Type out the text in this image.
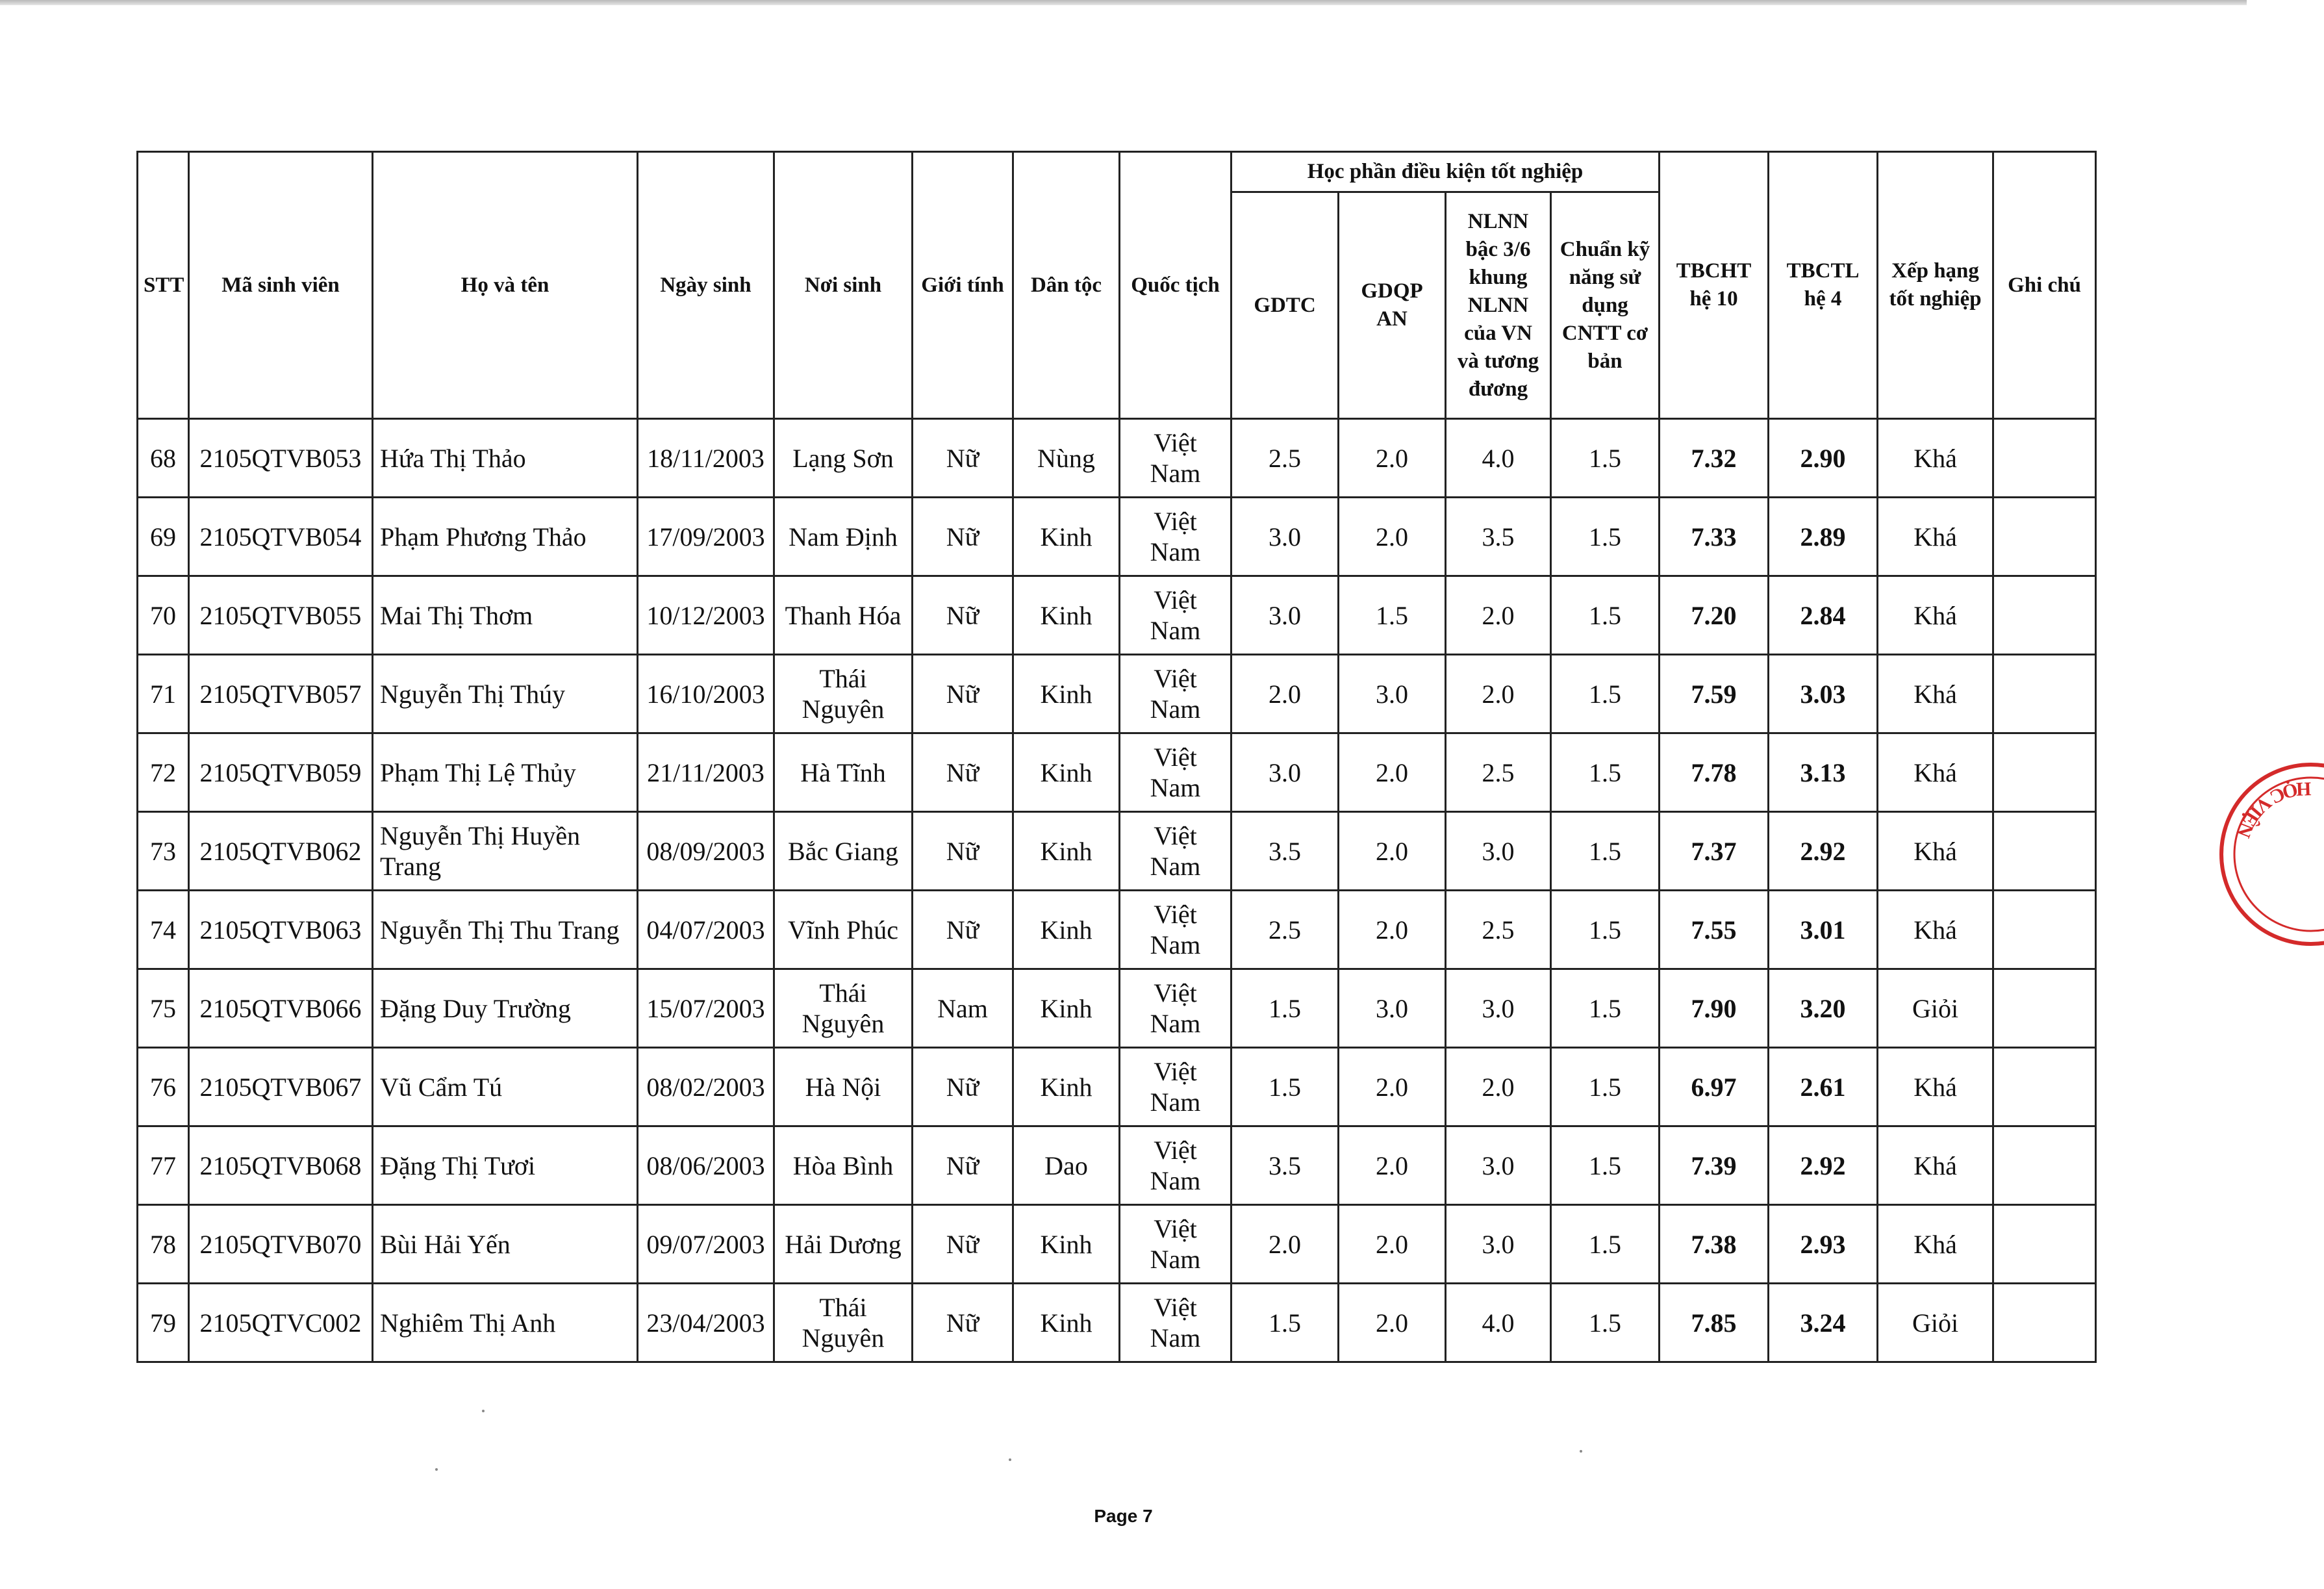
STT	Mã sinh viên	Họ và tên	Ngày sinh	Nơi sinh	Giới tính	Dân tộc	Quốc tịch	Học phần điều kiện tốt nghiệp				TBCHT hệ 10	TBCTL hệ 4	Xếp hạng tốt nghiệp	Ghi chú
								GDTC	GDQP AN	NLNN bậc 3/6 khung NLNN của VN và tương đương	Chuẩn kỹ năng sử dụng CNTT cơ bản				
68	2105QTVB053	Hứa Thị Thảo	18/11/2003	Lạng Sơn	Nữ	Nùng	Việt Nam	2.5	2.0	4.0	1.5	7.32	2.90	Khá	
69	2105QTVB054	Phạm Phương Thảo	17/09/2003	Nam Định	Nữ	Kinh	Việt Nam	3.0	2.0	3.5	1.5	7.33	2.89	Khá	
70	2105QTVB055	Mai Thị Thơm	10/12/2003	Thanh Hóa	Nữ	Kinh	Việt Nam	3.0	1.5	2.0	1.5	7.20	2.84	Khá	
71	2105QTVB057	Nguyễn Thị Thúy	16/10/2003	Thái Nguyên	Nữ	Kinh	Việt Nam	2.0	3.0	2.0	1.5	7.59	3.03	Khá	
72	2105QTVB059	Phạm Thị Lệ Thủy	21/11/2003	Hà Tĩnh	Nữ	Kinh	Việt Nam	3.0	2.0	2.5	1.5	7.78	3.13	Khá	
73	2105QTVB062	Nguyễn Thị Huyền Trang	08/09/2003	Bắc Giang	Nữ	Kinh	Việt Nam	3.5	2.0	3.0	1.5	7.37	2.92	Khá	
74	2105QTVB063	Nguyễn Thị Thu Trang	04/07/2003	Vĩnh Phúc	Nữ	Kinh	Việt Nam	2.5	2.0	2.5	1.5	7.55	3.01	Khá	
75	2105QTVB066	Đặng Duy Trường	15/07/2003	Thái Nguyên	Nam	Kinh	Việt Nam	1.5	3.0	3.0	1.5	7.90	3.20	Giỏi	
76	2105QTVB067	Vũ Cẩm Tú	08/02/2003	Hà Nội	Nữ	Kinh	Việt Nam	1.5	2.0	2.0	1.5	6.97	2.61	Khá	
77	2105QTVB068	Đặng Thị Tươi	08/06/2003	Hòa Bình	Nữ	Dao	Việt Nam	3.5	2.0	3.0	1.5	7.39	2.92	Khá	
78	2105QTVB070	Bùi Hải Yến	09/07/2003	Hải Dương	Nữ	Kinh	Việt Nam	2.0	2.0	3.0	1.5	7.38	2.93	Khá	
79	2105QTVC002	Nghiêm Thị Anh	23/04/2003	Thái Nguyên	Nữ	Kinh	Việt Nam	1.5	2.0	4.0	1.5	7.85	3.24	Giỏi	
Page 7
HỌC VIỆN
